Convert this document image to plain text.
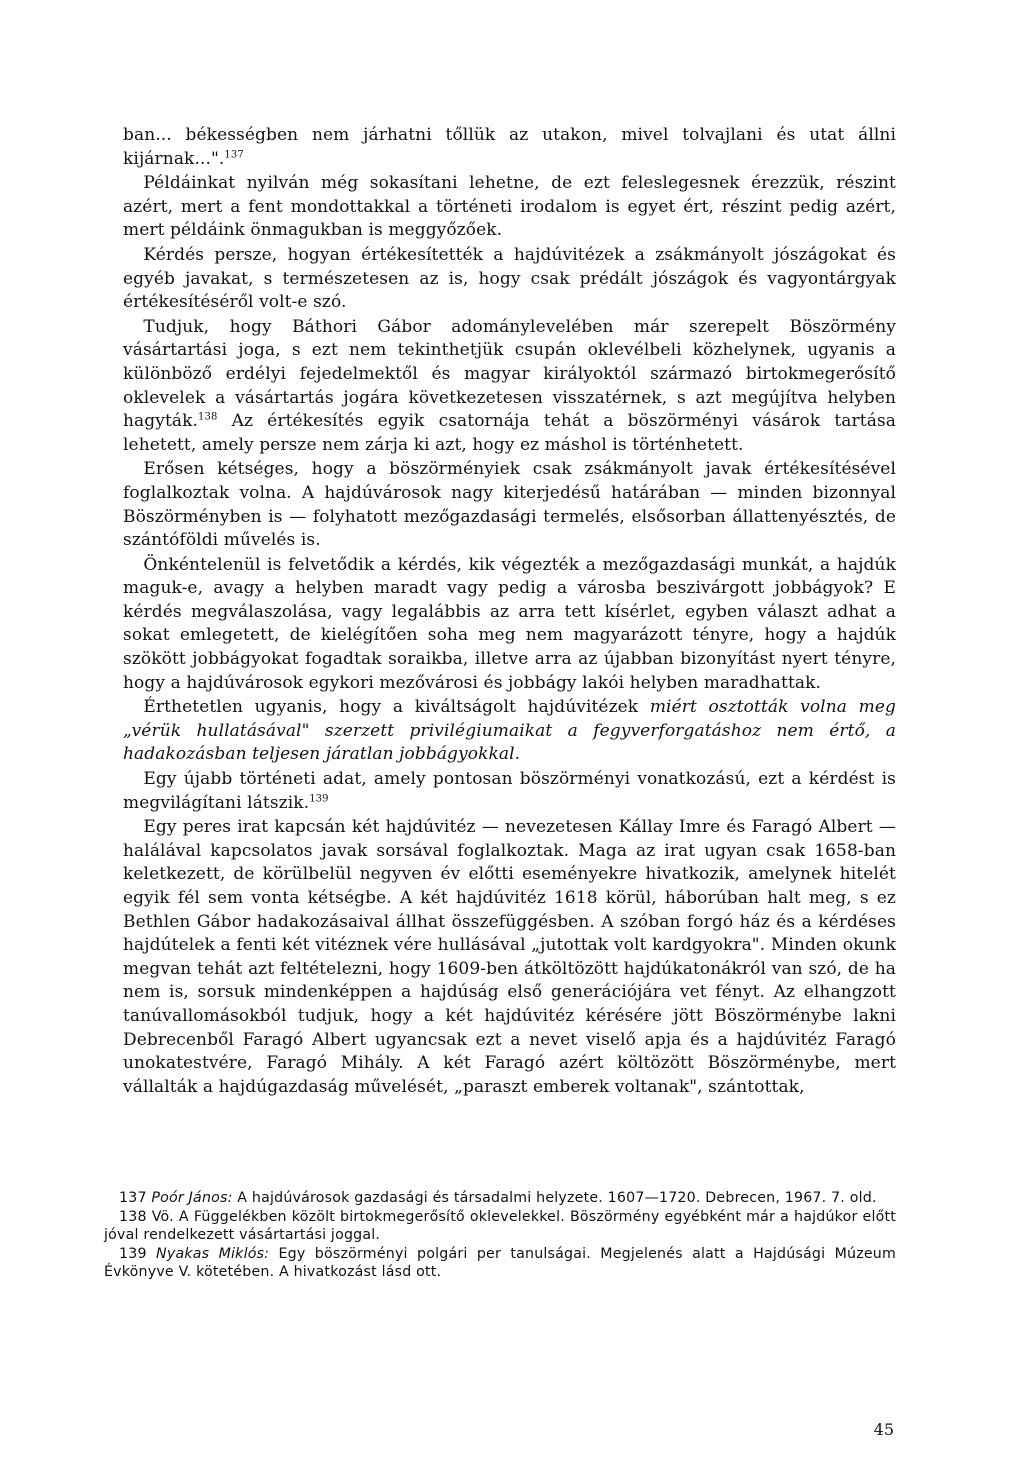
ban... békességben nem járhatni tőllük az utakon, mivel tolvajlani és utat állni kijárnak...".$^{137}$

Példáinkat nyilván még sokasítani lehetne, de ezt feleslegesnek érezzük, részint azért, mert a fent mondottakkal a történeti irodalom is egyet ért, részint pedig azért, mert példáink önmagukban is meggyőzőek.

Kérdés persze, hogyan értékesítették a hajdúvitézek a zsákmányolt jószágokat és egyéb javakat, s természetesen az is, hogy csak prédált jószágok és vagyontárgyak értékesítéséről volt-e szó.

Tudjuk, hogy Báthori Gábor adománylevelében már szerepelt Böszörmény vásártartási joga, s ezt nem tekinthetjük csupán oklevélbeli közhelynek, ugyanis a különböző erdélyi fejedelmektől és magyar királyoktól származó birtokmegerősítő oklevelek a vásártartás jogára következetesen visszatérnek, s azt megújítva helyben hagyták.$^{138}$ Az értékesítés egyik csatornája tehát a böszörményi vásárok tartása lehetett, amely persze nem zárja ki azt, hogy ez máshol is történhetett.

Erősen kétséges, hogy a böszörményiek csak zsákmányolt javak értékesítésével foglalkoztak volna. A hajdúvárosok nagy kiterjedésű határában — minden bizonnyal Böszörményben is — folyhatott mezőgazdasági termelés, elsősorban állattenyésztés, de szántóföldi művelés is.

Önkéntelenül is felvetődik a kérdés, kik végezték a mezőgazdasági munkát, a hajdúk maguk-e, avagy a helyben maradt vagy pedig a városba beszivárgott jobbágyok? E kérdés megválaszolása, vagy legalábbis az arra tett kísérlet, egyben választ adhat a sokat emlegetett, de kielégítően soha meg nem magyarázott tényre, hogy a hajdúk szökött jobbágyokat fogadtak soraikba, illetve arra az újabban bizonyítást nyert tényre, hogy a hajdúvárosok egykori mezővárosi és jobbágy lakói helyben maradhattak.

Érthetetlen ugyanis, hogy a kiváltságolt hajdúvitézek miért osztották volna meg „vérük hullatásával" szerzett privilégiumaikat a fegyverforgatáshoz nem értő, a hadakozásban teljesen járatlan jobbágyokkal.

Egy újabb történeti adat, amely pontosan böszörményi vonatkozású, ezt a kérdést is megvilágítani látszik.$^{139}$

Egy peres irat kapcsán két hajdúvitéz — nevezetesen Kállay Imre és Faragó Albert — halálával kapcsolatos javak sorsával foglalkoztak. Maga az irat ugyan csak 1658-ban keletkezett, de körülbelül negyven év előtti eseményekre hivatkozik, amelynek hitelét egyik fél sem vonta kétségbe. A két hajdúvitéz 1618 körül, háborúban halt meg, s ez Bethlen Gábor hadakozásaival állhat összefüggésben. A szóban forgó ház és a kérdéses hajdútelek a fenti két vitéznek vére hullásával „jutottak volt kardgyokra". Minden okunk megvan tehát azt feltételezni, hogy 1609-ben átköltözött hajdúkatonákról van szó, de ha nem is, sorsuk mindenképpen a hajdúság első generációjára vet fényt. Az elhangzott tanúvallomásokból tudjuk, hogy a két hajdúvitéz kérésére jött Böszörménybe lakni Debrecenből Faragó Albert ugyancsak ezt a nevet viselő apja és a hajdúvitéz Faragó unokatestvére, Faragó Mihály. A két Faragó azért költözött Böszörménybe, mert vállalták a hajdúgazdaság művelését, „paraszt emberek voltanak", szántottak,

137 Poór János: A hajdúvárosok gazdasági és társadalmi helyzete. 1607—1720. Debrecen, 1967. 7. old.

138 Vö. A Függelékben közölt birtokmegerősítő oklevelekkel. Böszörmény egyébként már a hajdúkor előtt jóval rendelkezett vásártartási joggal.

139 Nyakas Miklós: Egy böszörményi polgári per tanulságai. Megjelenés alatt a Hajdúsági Múzeum Évkönyve V. kötetében. A hivatkozást lásd ott.

45
